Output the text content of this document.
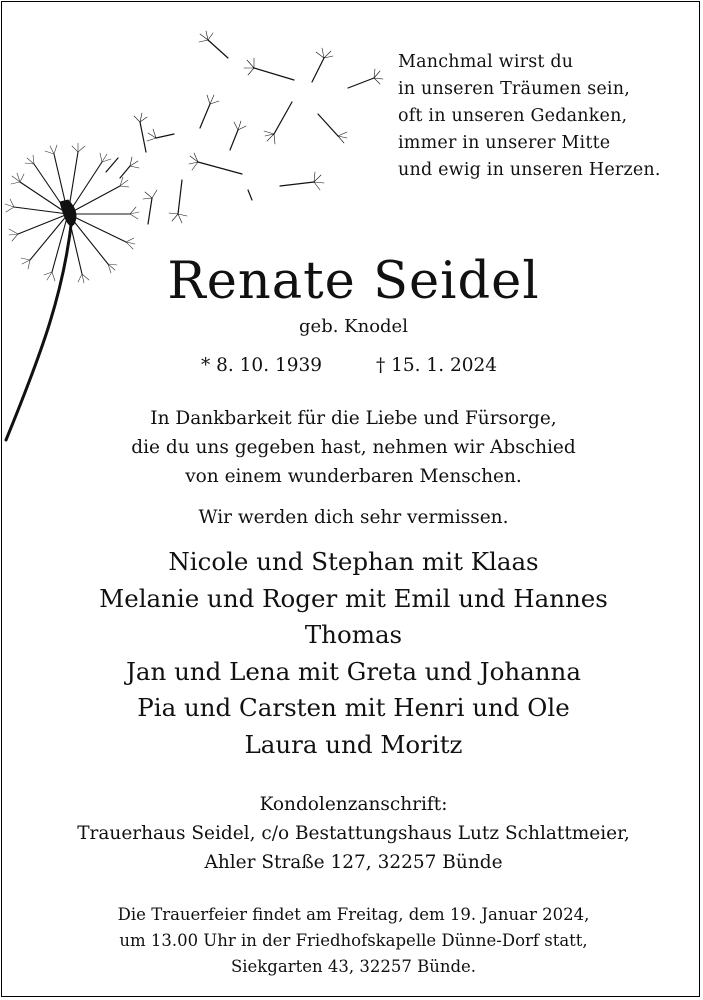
Manchmal wirst du
in unseren Träumen sein,
oft in unseren Gedanken,
immer in unserer Mitte
und ewig in unseren Herzen.
Renate Seidel
geb. Knodel
* 8. 10. 1939	† 15. 1. 2024
In Dankbarkeit für die Liebe und Fürsorge,
die du uns gegeben hast, nehmen wir Abschied
von einem wunderbaren Menschen.
Wir werden dich sehr vermissen.
Nicole und Stephan mit Klaas
Melanie und Roger mit Emil und Hannes
Thomas
Jan und Lena mit Greta und Johanna
Pia und Carsten mit Henri und Ole
Laura und Moritz
Kondolenzanschrift:
Trauerhaus Seidel, c/o Bestattungshaus Lutz Schlattmeier,
Ahler Straße 127, 32257 Bünde
Die Trauerfeier findet am Freitag, dem 19. Januar 2024,
um 13.00 Uhr in der Friedhofskapelle Dünne-Dorf statt,
Siekgarten 43, 32257 Bünde.
